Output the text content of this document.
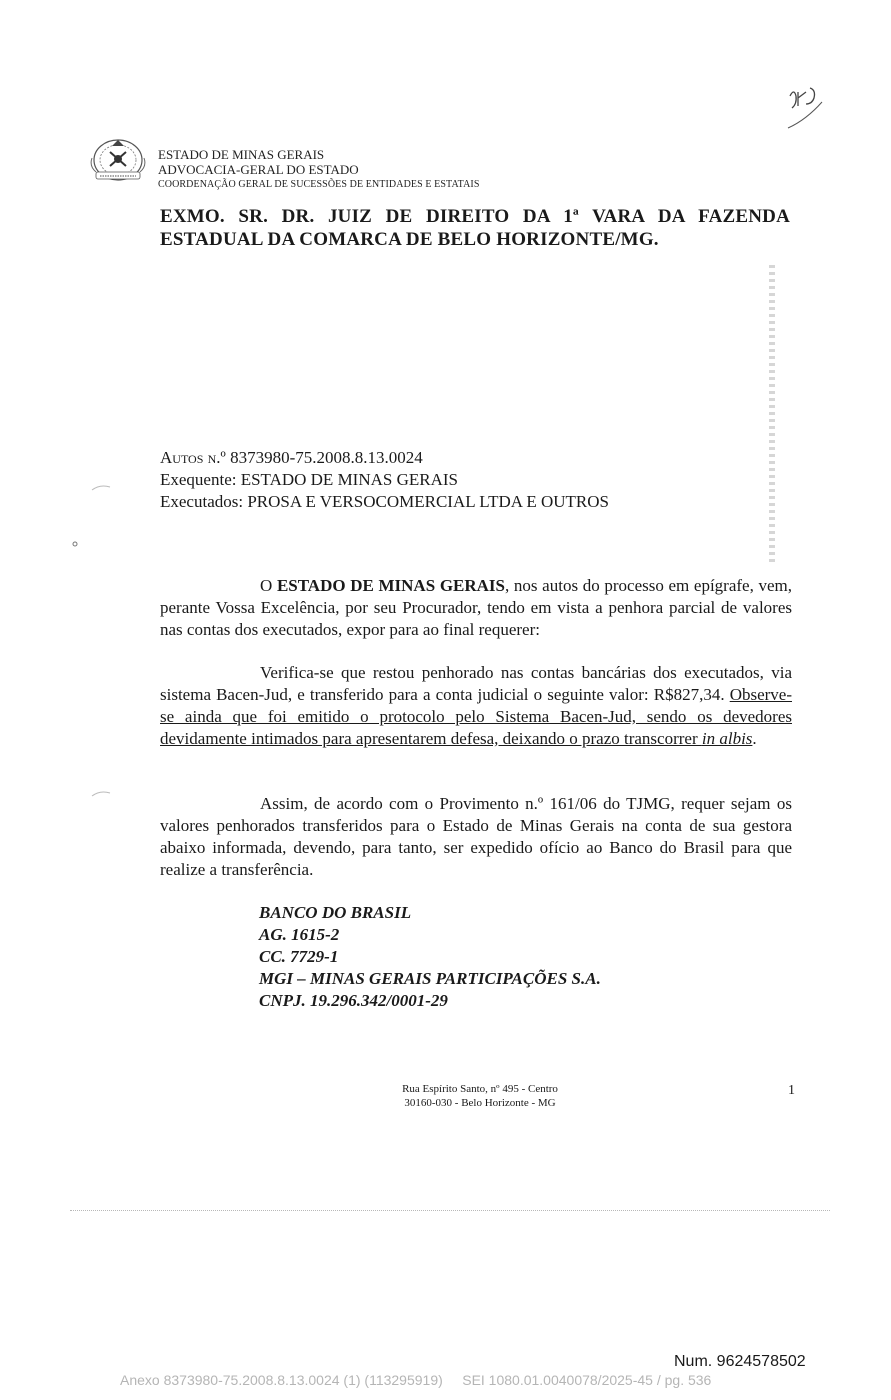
ESTADO DE MINAS GERAIS
ADVOCACIA-GERAL DO ESTADO
COORDENAÇÃO GERAL DE SUCESSÕES DE ENTIDADES E ESTATAIS
EXMO. SR. DR. JUIZ DE DIREITO DA 1ª VARA DA FAZENDA
ESTADUAL DA COMARCA DE BELO HORIZONTE/MG.
Autos n.º 8373980-75.2008.8.13.0024
Exequente: ESTADO DE MINAS GERAIS
Executados: PROSA E VERSOCOMERCIAL LTDA E OUTROS
O ESTADO DE MINAS GERAIS, nos autos do processo em epígrafe, vem, perante Vossa Excelência, por seu Procurador, tendo em vista a penhora parcial de valores nas contas dos executados, expor para ao final requerer:
Verifica-se que restou penhorado nas contas bancárias dos executados, via sistema Bacen-Jud, e transferido para a conta judicial o seguinte valor: R$827,34. Observe-se ainda que foi emitido o protocolo pelo Sistema Bacen-Jud, sendo os devedores devidamente intimados para apresentarem defesa, deixando o prazo transcorrer in albis.
Assim, de acordo com o Provimento n.º 161/06 do TJMG, requer sejam os valores penhorados transferidos para o Estado de Minas Gerais na conta de sua gestora abaixo informada, devendo, para tanto, ser expedido ofício ao Banco do Brasil para que realize a transferência.
BANCO DO BRASIL
AG. 1615-2
CC. 7729-1
MGI – MINAS GERAIS PARTICIPAÇÕES S.A.
CNPJ. 19.296.342/0001-29
Rua Espírito Santo, nº 495 - Centro
30160-030 - Belo Horizonte - MG
1
Num. 9624578502
Anexo 8373980-75.2008.8.13.0024 (1) (113295919)     SEI 1080.01.0040078/2025-45 / pg. 536
